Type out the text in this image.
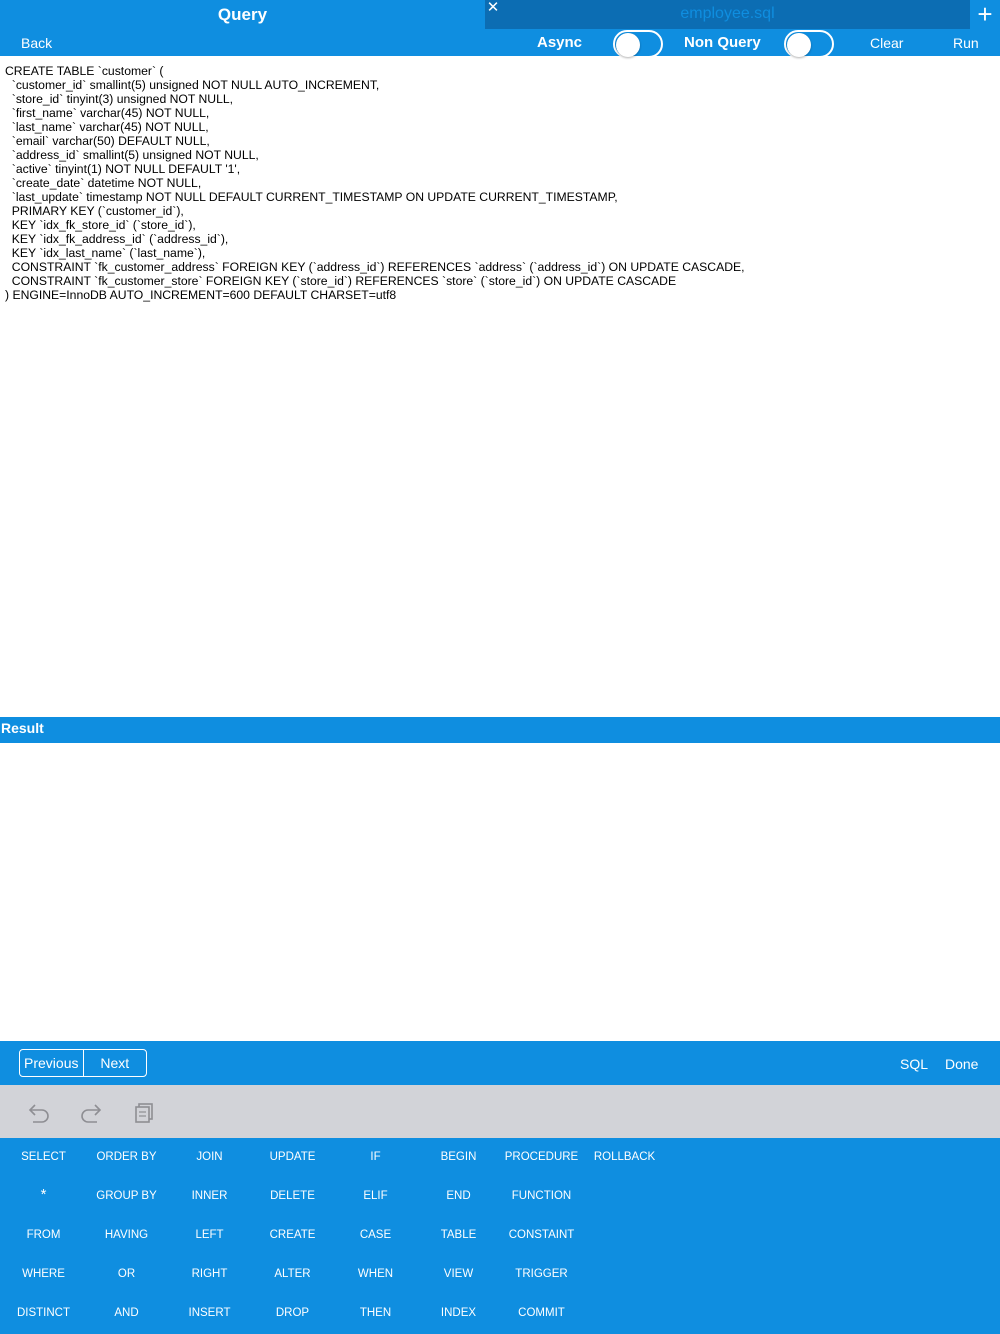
Query	✕	employee.sql	+
Back	Async	Non Query	Clear	Run
CREATE TABLE `customer` (
`customer_id` smallint(5) unsigned NOT NULL AUTO_INCREMENT,
`store_id` tinyint(3) unsigned NOT NULL,
`first_name` varchar(45) NOT NULL,
`last_name` varchar(45) NOT NULL,
`email` varchar(50) DEFAULT NULL,
`address_id` smallint(5) unsigned NOT NULL,
`active` tinyint(1) NOT NULL DEFAULT '1',
`create_date` datetime NOT NULL,
`last_update` timestamp NOT NULL DEFAULT CURRENT_TIMESTAMP ON UPDATE CURRENT_TIMESTAMP,
PRIMARY KEY (`customer_id`),
KEY `idx_fk_store_id` (`store_id`),
KEY `idx_fk_address_id` (`address_id`),
KEY `idx_last_name` (`last_name`),
CONSTRAINT `fk_customer_address` FOREIGN KEY (`address_id`) REFERENCES `address` (`address_id`) ON UPDATE CASCADE,
CONSTRAINT `fk_customer_store` FOREIGN KEY (`store_id`) REFERENCES `store` (`store_id`) ON UPDATE CASCADE
) ENGINE=InnoDB AUTO_INCREMENT=600 DEFAULT CHARSET=utf8
Result
Previous	Next	SQL Done
SELECT	ORDER BY	JOIN	UPDATE	IF	BEGIN	PROCEDURE	ROLLBACK
*	GROUP BY	INNER	DELETE	ELIF	END	FUNCTION
FROM	HAVING	LEFT	CREATE	CASE	TABLE	CONSTAINT
WHERE	OR	RIGHT	ALTER	WHEN	VIEW	TRIGGER
DISTINCT	AND	INSERT	DROP	THEN	INDEX	COMMIT
